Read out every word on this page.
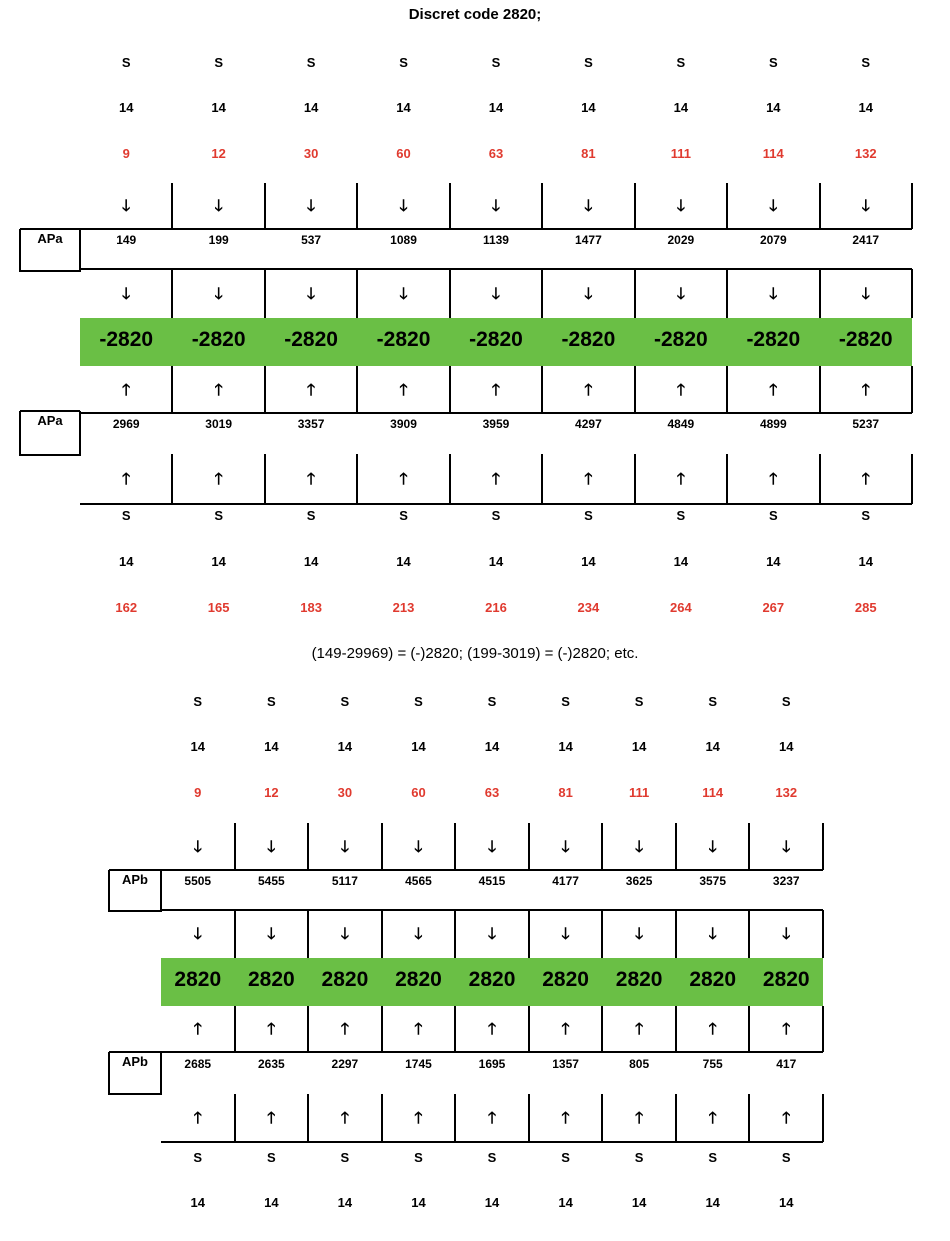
Discret code 2820;
(149-29969) = (-)2820; (199-3019) = (-)2820; etc.
APa
APa
S
14
9
🡓
149
🡓
-2820
🡑
2969
🡑
S
14
162
S
14
12
🡓
199
🡓
-2820
🡑
3019
🡑
S
14
165
S
14
30
🡓
537
🡓
-2820
🡑
3357
🡑
S
14
183
S
14
60
🡓
1089
🡓
-2820
🡑
3909
🡑
S
14
213
S
14
63
🡓
1139
🡓
-2820
🡑
3959
🡑
S
14
216
S
14
81
🡓
1477
🡓
-2820
🡑
4297
🡑
S
14
234
S
14
111
🡓
2029
🡓
-2820
🡑
4849
🡑
S
14
264
S
14
114
🡓
2079
🡓
-2820
🡑
4899
🡑
S
14
267
S
14
132
🡓
2417
🡓
-2820
🡑
5237
🡑
S
14
285
APb
APb
S
14
9
🡓
5505
🡓
2820
🡑
2685
🡑
S
14
S
14
12
🡓
5455
🡓
2820
🡑
2635
🡑
S
14
S
14
30
🡓
5117
🡓
2820
🡑
2297
🡑
S
14
S
14
60
🡓
4565
🡓
2820
🡑
1745
🡑
S
14
S
14
63
🡓
4515
🡓
2820
🡑
1695
🡑
S
14
S
14
81
🡓
4177
🡓
2820
🡑
1357
🡑
S
14
S
14
111
🡓
3625
🡓
2820
🡑
805
🡑
S
14
S
14
114
🡓
3575
🡓
2820
🡑
755
🡑
S
14
S
14
132
🡓
3237
🡓
2820
🡑
417
🡑
S
14
